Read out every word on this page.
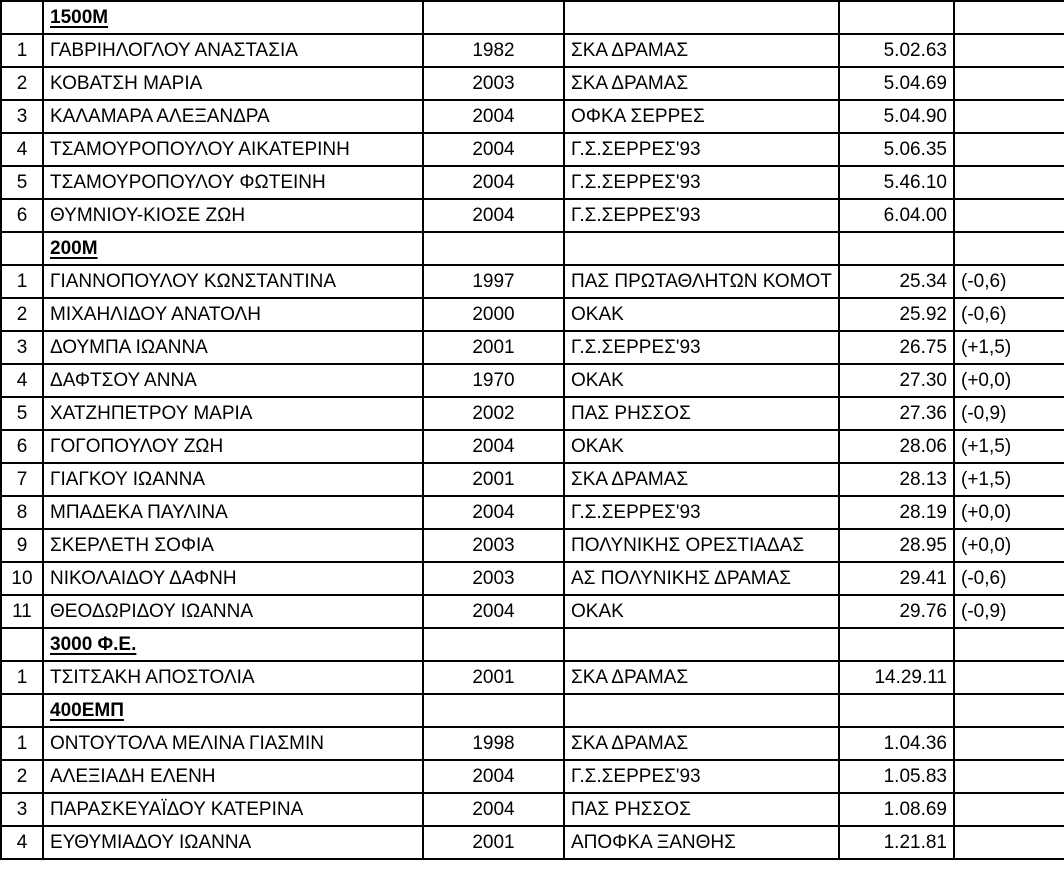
	1500M				
1	ΓΑΒΡΙΗΛΟΓΛΟΥ ΑΝΑΣΤΑΣΙΑ	1982	ΣΚΑ ΔΡΑΜΑΣ	5.02.63	
2	ΚΟΒΑΤΣΗ ΜΑΡΙΑ	2003	ΣΚΑ ΔΡΑΜΑΣ	5.04.69	
3	ΚΑΛΑΜΑΡΑ ΑΛΕΞΑΝΔΡΑ	2004	ΟΦΚΑ ΣΕΡΡΕΣ	5.04.90	
4	ΤΣΑΜΟΥΡΟΠΟΥΛΟΥ ΑΙΚΑΤΕΡΙΝΗ	2004	Γ.Σ.ΣΕΡΡΕΣ'93	5.06.35	
5	ΤΣΑΜΟΥΡΟΠΟΥΛΟΥ ΦΩΤΕΙΝΗ	2004	Γ.Σ.ΣΕΡΡΕΣ'93	5.46.10	
6	ΘΥΜΝΙΟΥ-ΚΙΟΣΕ ΖΩΗ	2004	Γ.Σ.ΣΕΡΡΕΣ'93	6.04.00	
	200M				
1	ΓΙΑΝΝΟΠΟΥΛΟΥ ΚΩΝΣΤΑΝΤΙΝΑ	1997	ΠΑΣ ΠΡΩΤΑΘΛΗΤΩΝ ΚΟΜΟΤ	25.34	(-0,6)
2	ΜΙΧΑΗΛΙΔΟΥ ΑΝΑΤΟΛΗ	2000	ΟΚΑΚ	25.92	(-0,6)
3	ΔΟΥΜΠΑ ΙΩΑΝΝΑ	2001	Γ.Σ.ΣΕΡΡΕΣ'93	26.75	(+1,5)
4	ΔΑΦΤΣΟΥ ΑΝΝΑ	1970	ΟΚΑΚ	27.30	(+0,0)
5	ΧΑΤΖΗΠΕΤΡΟΥ ΜΑΡΙΑ	2002	ΠΑΣ ΡΗΣΣΟΣ	27.36	(-0,9)
6	ΓΟΓΟΠΟΥΛΟΥ ΖΩΗ	2004	ΟΚΑΚ	28.06	(+1,5)
7	ΓΙΑΓΚΟΥ ΙΩΑΝΝΑ	2001	ΣΚΑ ΔΡΑΜΑΣ	28.13	(+1,5)
8	ΜΠΑΔΕΚΑ ΠΑΥΛΙΝΑ	2004	Γ.Σ.ΣΕΡΡΕΣ'93	28.19	(+0,0)
9	ΣΚΕΡΛΕΤΗ ΣΟΦΙΑ	2003	ΠΟΛΥΝΙΚΗΣ ΟΡΕΣΤΙΑΔΑΣ	28.95	(+0,0)
10	ΝΙΚΟΛΑΙΔΟΥ ΔΑΦΝΗ	2003	ΑΣ ΠΟΛΥΝΙΚΗΣ ΔΡΑΜΑΣ	29.41	(-0,6)
11	ΘΕΟΔΩΡΙΔΟΥ ΙΩΑΝΝΑ	2004	ΟΚΑΚ	29.76	(-0,9)
	3000 Φ.Ε.				
1	ΤΣΙΤΣΑΚΗ ΑΠΟΣΤΟΛΙΑ	2001	ΣΚΑ ΔΡΑΜΑΣ	14.29.11	
	400ΕΜΠ				
1	ΟΝΤΟΥΤΟΛΑ ΜΕΛΙΝΑ ΓΙΑΣΜΙΝ	1998	ΣΚΑ ΔΡΑΜΑΣ	1.04.36	
2	ΑΛΕΞΙΑΔΗ ΕΛΕΝΗ	2004	Γ.Σ.ΣΕΡΡΕΣ'93	1.05.83	
3	ΠΑΡΑΣΚΕΥΑΪΔΟΥ ΚΑΤΕΡΙΝΑ	2004	ΠΑΣ ΡΗΣΣΟΣ	1.08.69	
4	ΕΥΘΥΜΙΑΔΟΥ ΙΩΑΝΝΑ	2001	ΑΠΟΦΚΑ ΞΑΝΘΗΣ	1.21.81	
